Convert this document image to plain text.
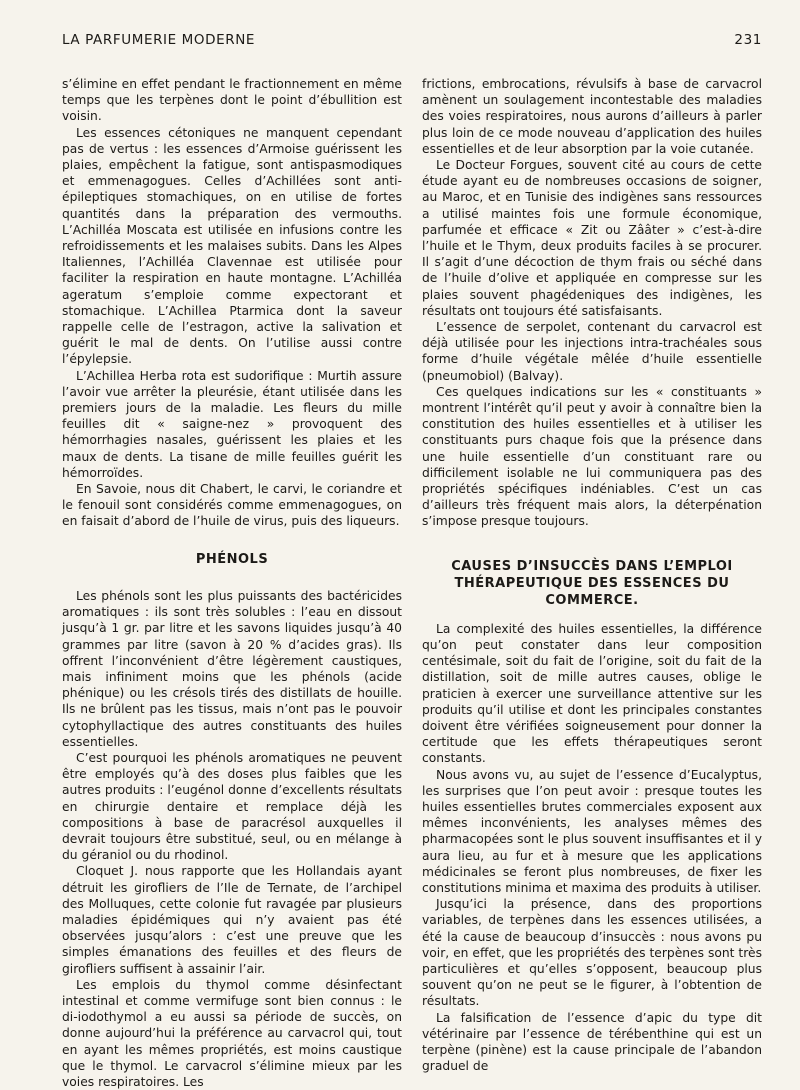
LA PARFUMERIE MODERNE	231

s’élimine en effet pendant le fractionnement en même temps que les terpènes dont le point d’ébullition est voisin.

Les essences cétoniques ne manquent cependant pas de vertus : les essences d’Armoise guérissent les plaies, empêchent la fatigue, sont antispasmodiques et emmenagogues. Celles d’Achillées sont anti-épileptiques stomachiques, on en utilise de fortes quantités dans la préparation des vermouths. L’Achilléa Moscata est utilisée en infusions contre les refroidissements et les malaises subits. Dans les Alpes Italiennes, l’Achilléa Clavennae est utilisée pour faciliter la respiration en haute montagne. L’Achilléa ageratum s’emploie comme expectorant et stomachique. L’Achillea Ptarmica dont la saveur rappelle celle de l’estragon, active la salivation et guérit le mal de dents. On l’utilise aussi contre l’épylepsie.

L’Achillea Herba rota est sudorifique : Murtih assure l’avoir vue arrêter la pleurésie, étant utilisée dans les premiers jours de la maladie. Les fleurs du mille feuilles dit « saigne-nez » provoquent des hémorrhagies nasales, guérissent les plaies et les maux de dents. La tisane de mille feuilles guérit les hémorroïdes.

En Savoie, nous dit Chabert, le carvi, le coriandre et le fenouil sont considérés comme emmenagogues, on en faisait d’abord de l’huile de virus, puis des liqueurs.

PHÉNOLS

Les phénols sont les plus puissants des bactéricides aromatiques : ils sont très solubles : l’eau en dissout jusqu’à 1 gr. par litre et les savons liquides jusqu’à 40 grammes par litre (savon à 20 % d’acides gras). Ils offrent l’inconvénient d’être légèrement caustiques, mais infiniment moins que les phénols (acide phénique) ou les crésols tirés des distillats de houille. Ils ne brûlent pas les tissus, mais n’ont pas le pouvoir cytophyllactique des autres constituants des huiles essentielles.

C’est pourquoi les phénols aromatiques ne peuvent être employés qu’à des doses plus faibles que les autres produits : l’eugénol donne d’excellents résultats en chirurgie dentaire et remplace déjà les compositions à base de paracrésol auxquelles il devrait toujours être substitué, seul, ou en mélange à du géraniol ou du rhodinol.

Cloquet J. nous rapporte que les Hollandais ayant détruit les girofliers de l’Ile de Ternate, de l’archipel des Molluques, cette colonie fut ravagée par plusieurs maladies épidémiques qui n’y avaient pas été observées jusqu’alors : c’est une preuve que les simples émanations des feuilles et des fleurs de girofliers suffisent à assainir l’air.

Les emplois du thymol comme désinfectant intestinal et comme vermifuge sont bien connus : le di-iodothymol a eu aussi sa période de succès, on donne aujourd’hui la préférence au carvacrol qui, tout en ayant les mêmes propriétés, est moins caustique que le thymol. Le carvacrol s’élimine mieux par les voies respiratoires. Les

frictions, embrocations, révulsifs à base de carvacrol amènent un soulagement incontestable des maladies des voies respiratoires, nous aurons d’ailleurs à parler plus loin de ce mode nouveau d’application des huiles essentielles et de leur absorption par la voie cutanée.

Le Docteur Forgues, souvent cité au cours de cette étude ayant eu de nombreuses occasions de soigner, au Maroc, et en Tunisie des indigènes sans ressources a utilisé maintes fois une formule économique, parfumée et efficace « Zit ou Zââter » c’est-à-dire l’huile et le Thym, deux produits faciles à se procurer. Il s’agit d’une décoction de thym frais ou séché dans de l’huile d’olive et appliquée en compresse sur les plaies souvent phagédeniques des indigènes, les résultats ont toujours été satisfaisants.

L’essence de serpolet, contenant du carvacrol est déjà utilisée pour les injections intra-trachéales sous forme d’huile végétale mêlée d’huile essentielle (pneumobiol) (Balvay).

Ces quelques indications sur les « constituants » montrent l’intérêt qu’il peut y avoir à connaître bien la constitution des huiles essentielles et à utiliser les constituants purs chaque fois que la présence dans une huile essentielle d’un constituant rare ou difficilement isolable ne lui communiquera pas des propriétés spécifiques indéniables. C’est un cas d’ailleurs très fréquent mais alors, la déterpénation s’impose presque toujours.

CAUSES D’INSUCCÈS DANS L’EMPLOI THÉRAPEUTIQUE DES ESSENCES DU COMMERCE.

La complexité des huiles essentielles, la différence qu’on peut constater dans leur composition centésimale, soit du fait de l’origine, soit du fait de la distillation, soit de mille autres causes, oblige le praticien à exercer une surveillance attentive sur les produits qu’il utilise et dont les principales constantes doivent être vérifiées soigneusement pour donner la certitude que les effets thérapeutiques seront constants.

Nous avons vu, au sujet de l’essence d’Eucalyptus, les surprises que l’on peut avoir : presque toutes les huiles essentielles brutes commerciales exposent aux mêmes inconvénients, les analyses mêmes des pharmacopées sont le plus souvent insuffisantes et il y aura lieu, au fur et à mesure que les applications médicinales se feront plus nombreuses, de fixer les constitutions minima et maxima des produits à utiliser.

Jusqu’ici la présence, dans des proportions variables, de terpènes dans les essences utilisées, a été la cause de beaucoup d’insuccès : nous avons pu voir, en effet, que les propriétés des terpènes sont très particulières et qu’elles s’opposent, beaucoup plus souvent qu’on ne peut se le figurer, à l’obtention de résultats.

La falsification de l’essence d’apic du type dit vétérinaire par l’essence de térébenthine qui est un terpène (pinène) est la cause principale de l’abandon graduel de
